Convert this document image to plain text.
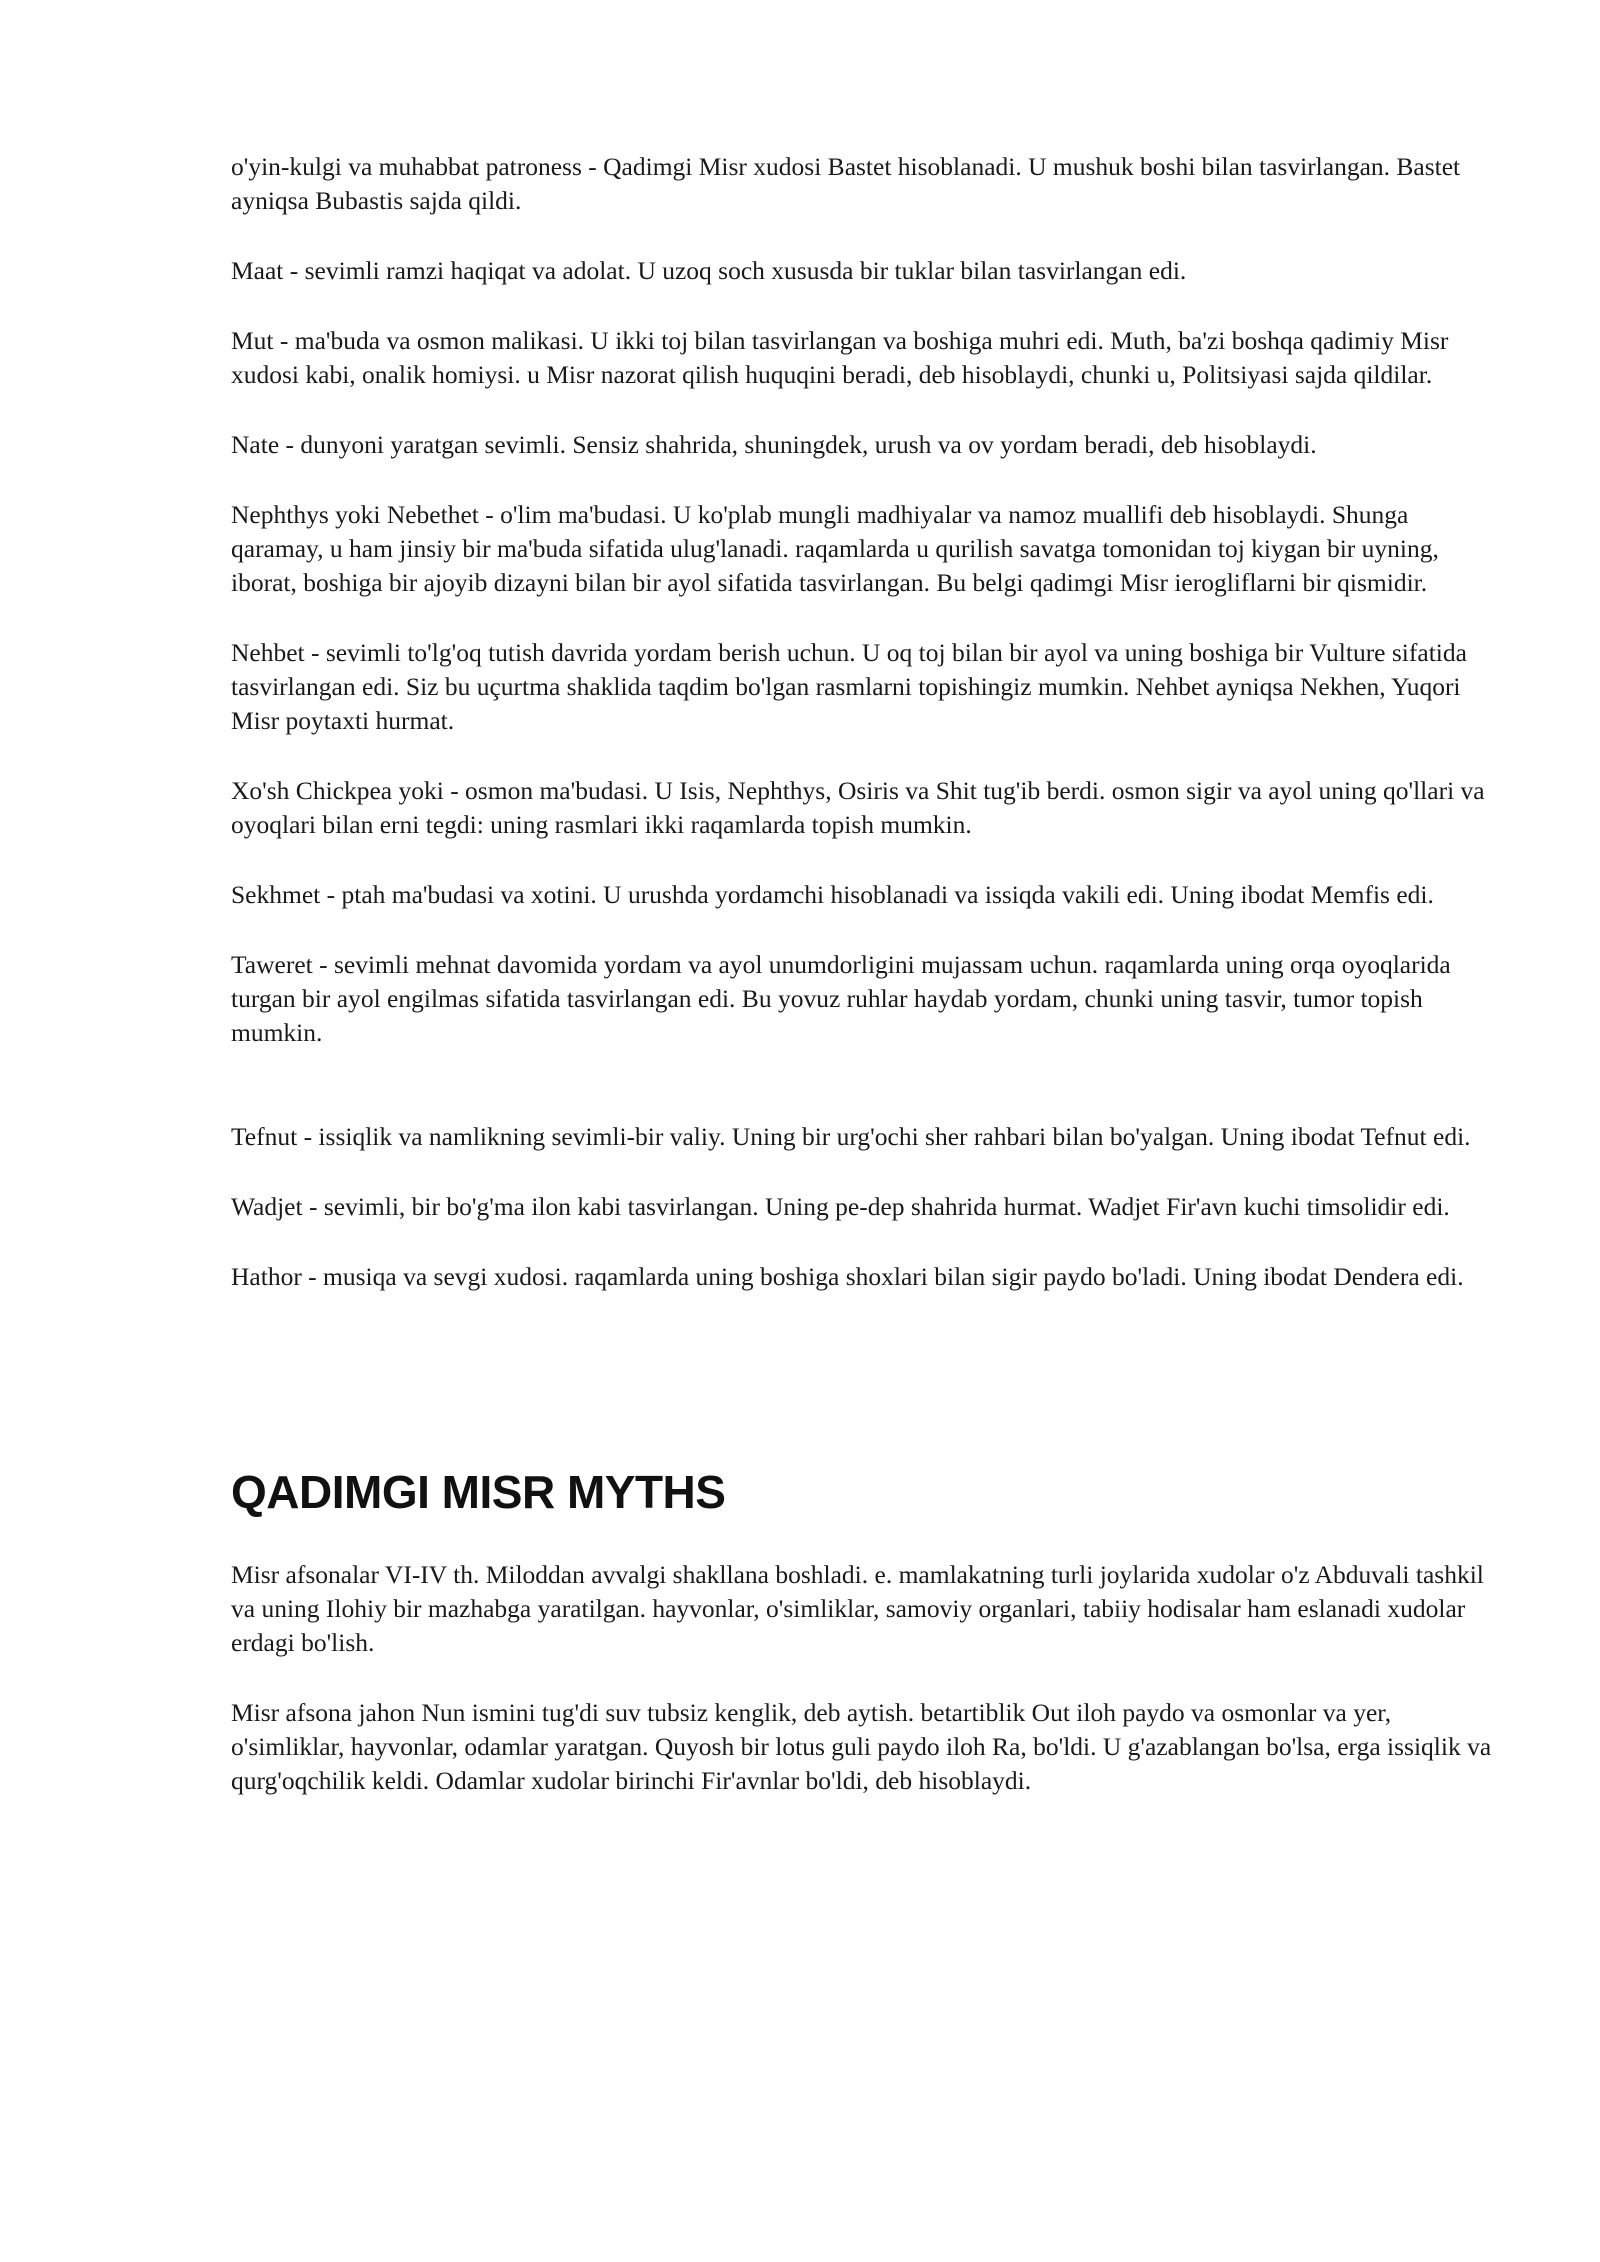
o'yin-kulgi va muhabbat patroness - Qadimgi Misr xudosi Bastet hisoblanadi. U mushuk boshi bilan tasvirlangan. Bastet ayniqsa Bubastis sajda qildi.

Maat - sevimli ramzi haqiqat va adolat. U uzoq soch xususda bir tuklar bilan tasvirlangan edi.

Mut - ma'buda va osmon malikasi. U ikki toj bilan tasvirlangan va boshiga muhri edi. Muth, ba'zi boshqa qadimiy Misr xudosi kabi, onalik homiysi. u Misr nazorat qilish huquqini beradi, deb hisoblaydi, chunki u, Politsiyasi sajda qildilar.

Nate - dunyoni yaratgan sevimli. Sensiz shahrida, shuningdek, urush va ov yordam beradi, deb hisoblaydi.

Nephthys yoki Nebethet - o'lim ma'budasi. U ko'plab mungli madhiyalar va namoz muallifi deb hisoblaydi. Shunga qaramay, u ham jinsiy bir ma'buda sifatida ulug'lanadi. raqamlarda u qurilish savatga tomonidan toj kiygan bir uyning, iborat, boshiga bir ajoyib dizayni bilan bir ayol sifatida tasvirlangan. Bu belgi qadimgi Misr ierogliflarni bir qismidir.

Nehbet - sevimli to'lg'oq tutish davrida yordam berish uchun. U oq toj bilan bir ayol va uning boshiga bir Vulture sifatida tasvirlangan edi. Siz bu uçurtma shaklida taqdim bo'lgan rasmlarni topishingiz mumkin. Nehbet ayniqsa Nekhen, Yuqori Misr poytaxti hurmat.

Xo'sh Chickpea yoki - osmon ma'budasi. U Isis, Nephthys, Osiris va Shit tug'ib berdi. osmon sigir va ayol uning qo'llari va oyoqlari bilan erni tegdi: uning rasmlari ikki raqamlarda topish mumkin.

Sekhmet - ptah ma'budasi va xotini. U urushda yordamchi hisoblanadi va issiqda vakili edi. Uning ibodat Memfis edi.

Taweret - sevimli mehnat davomida yordam va ayol unumdorligini mujassam uchun. raqamlarda uning orqa oyoqlarida turgan bir ayol engilmas sifatida tasvirlangan edi. Bu yovuz ruhlar haydab yordam, chunki uning tasvir, tumor topish mumkin.

Tefnut - issiqlik va namlikning sevimli-bir valiy. Uning bir urg'ochi sher rahbari bilan bo'yalgan. Uning ibodat Tefnut edi.

Wadjet - sevimli, bir bo'g'ma ilon kabi tasvirlangan. Uning pe-dep shahrida hurmat. Wadjet Fir'avn kuchi timsolidir edi.

Hathor - musiqa va sevgi xudosi. raqamlarda uning boshiga shoxlari bilan sigir paydo bo'ladi. Uning ibodat Dendera edi.

QADIMGI MISR MYTHS

Misr afsonalar VI-IV th. Miloddan avvalgi shakllana boshladi. e. mamlakatning turli joylarida xudolar o'z Abduvali tashkil va uning Ilohiy bir mazhabga yaratilgan. hayvonlar, o'simliklar, samoviy organlari, tabiiy hodisalar ham eslanadi xudolar erdagi bo'lish.

Misr afsona jahon Nun ismini tug'di suv tubsiz kenglik, deb aytish. betartiblik Out iloh paydo va osmonlar va yer, o'simliklar, hayvonlar, odamlar yaratgan. Quyosh bir lotus guli paydo iloh Ra, bo'ldi. U g'azablangan bo'lsa, erga issiqlik va qurg'oqchilik keldi. Odamlar xudolar birinchi Fir'avnlar bo'ldi, deb hisoblaydi.
